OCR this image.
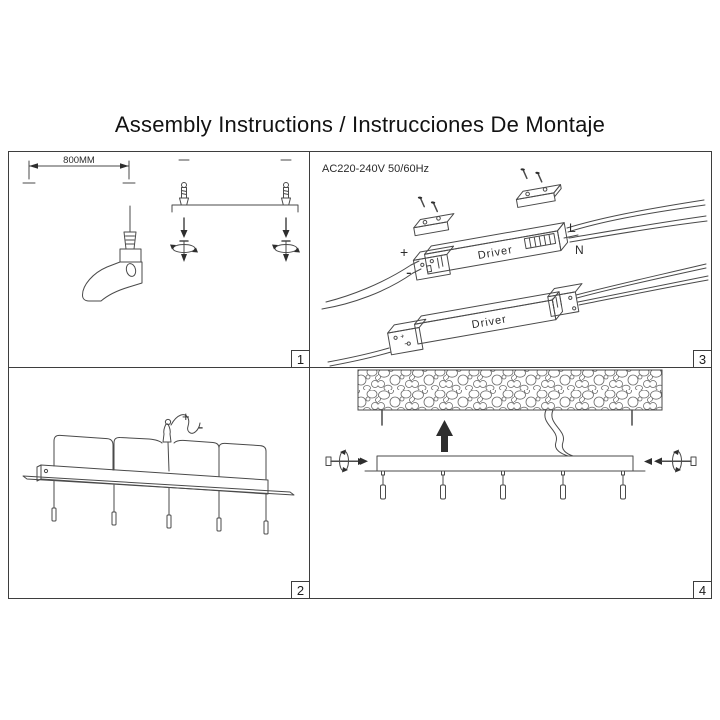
Assembly Instructions / Instrucciones De Montaje
800MM
1
AC220-240V 50/60Hz
Driver
+
-
L
N
Driver
+
-
3
+
-
2	4
